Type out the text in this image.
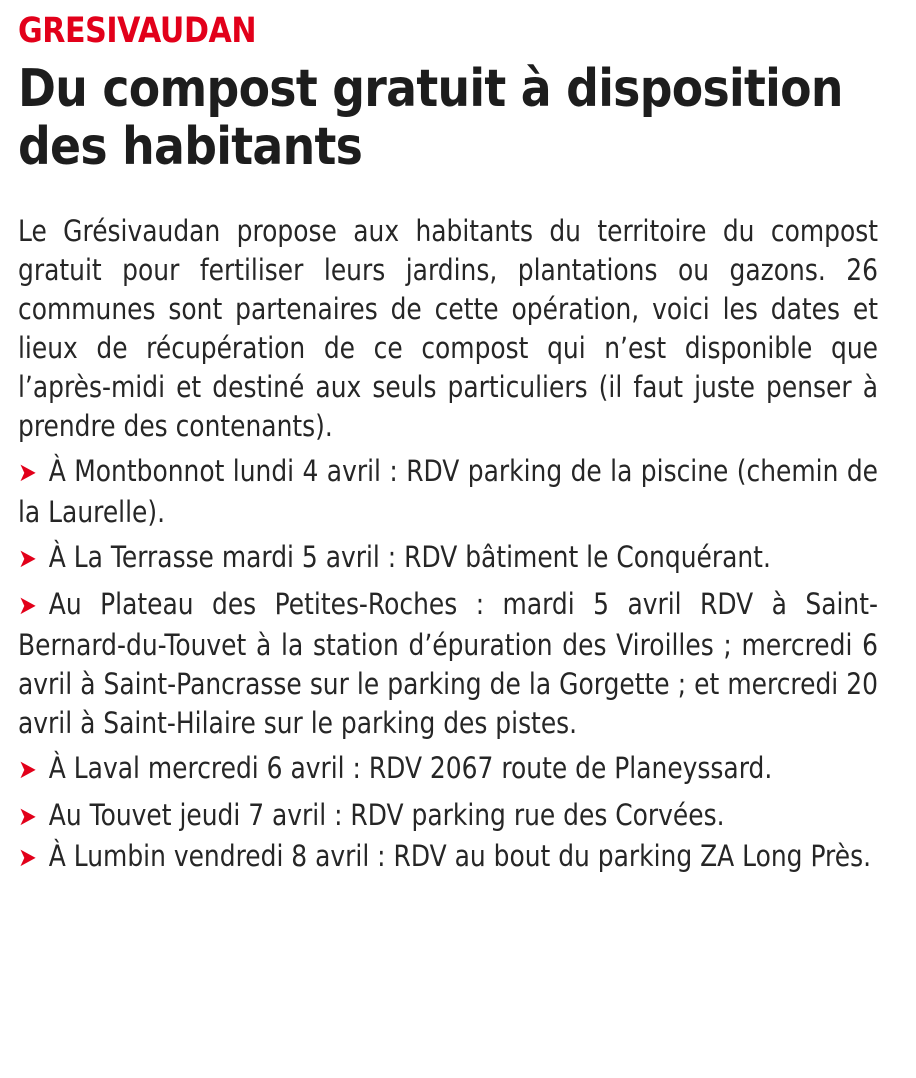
GRESIVAUDAN
Du compost gratuit à disposition des habitants

Le Grésivaudan propose aux habitants du territoire du compost gratuit pour fertiliser leurs jardins, plantations ou gazons. 26 communes sont partenaires de cette opération, voici les dates et lieux de récupération de ce compost qui n’est disponible que l’après-midi et destiné aux seuls particuliers (il faut juste penser à prendre des contenants).

➤ À Montbonnot lundi 4 avril : RDV parking de la piscine (chemin de la Laurelle).

➤ À La Terrasse mardi 5 avril : RDV bâtiment le Conquérant.

➤ Au Plateau des Petites-Roches : mardi 5 avril RDV à Saint-Bernard-du-Touvet à la station d’épuration des Viroilles ; mercredi 6 avril à Saint-Pancrasse sur le parking de la Gorgette ; et mercredi 20 avril à Saint-Hilaire sur le parking des pistes.

➤ À Laval mercredi 6 avril : RDV 2067 route de Planeyssard.

➤ Au Touvet jeudi 7 avril : RDV parking rue des Corvées.

➤ À Lumbin vendredi 8 avril : RDV au bout du parking ZA Long Près.
